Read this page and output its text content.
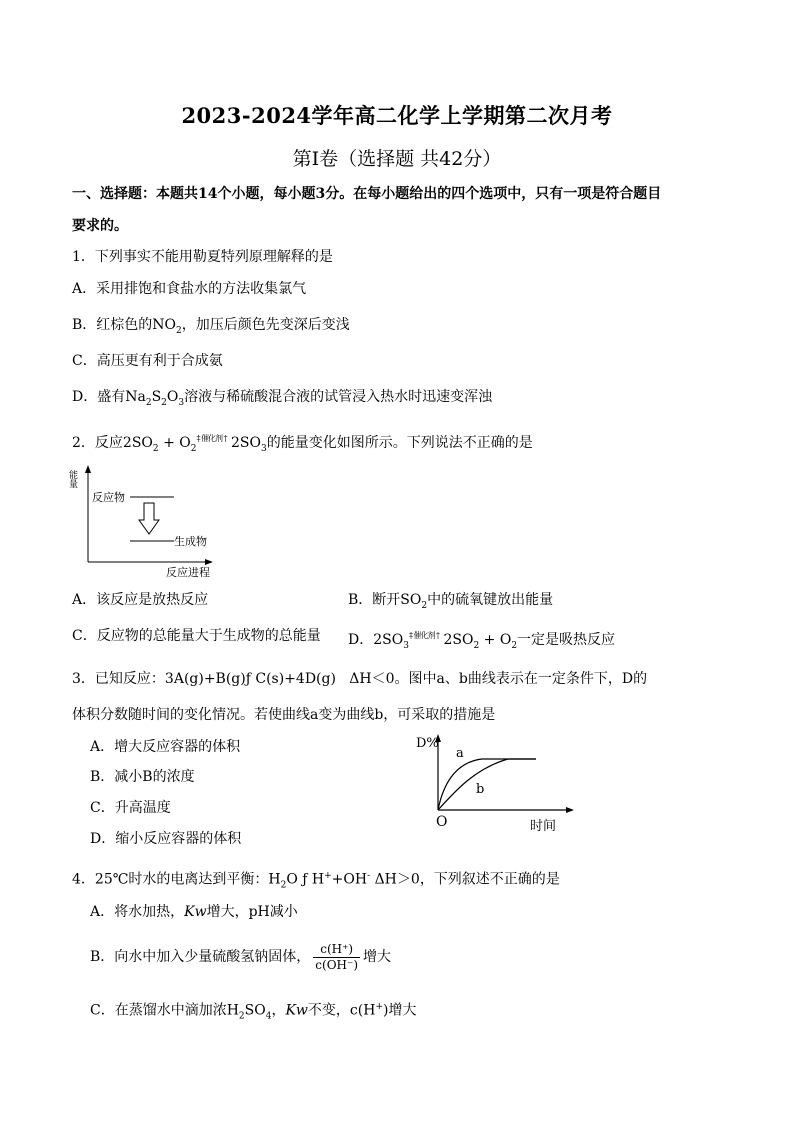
2023-2024学年高二化学上学期第二次月考
第I卷（选择题 共42分）
一、选择题：本题共14个小题，每小题3分。在每小题给出的四个选项中，只有一项是符合题目
要求的。
1．下列事实不能用勒夏特列原理解释的是
A．采用排饱和食盐水的方法收集氯气
B．红棕色的$NO_2$，加压后颜色先变深后变浅
C．高压更有利于合成氨
D．盛有$Na_2S_2O_3$溶液与稀硫酸混合液的试管浸入热水时迅速变浑浊
2．反应$2SO_2$ + $O_2\ddagger$ 催化剂 † $2SO_3$的能量变化如图所示。下列说法不正确的是
能量
反应进程
反应物
生成物
A．该反应是放热反应	B．断开$SO_2$中的硫氧键放出能量
C．反应物的总能量大于生成物的总能量 D．$2SO_3\ddagger$ 催化剂 † $2SO_2 + O_2$一定是吸热反应
3．已知反应：3A(g)+B(g)ƒ C(s)+4D(g) ΔH＜0。图中a、b曲线表示在一定条件下，D的
体积分数随时间的变化情况。若使曲线a变为曲线b，可采取的措施是
A．增大反应容器的体积
B．减小B的浓度
C．升高温度
D．缩小反应容器的体积
D%
O	时间
a
b
4．25℃时水的电离达到平衡：$H_2O$ ƒ H++OH- ΔH＞0，下列叙述不正确的是
A．将水加热，Kw增大，pH减小
B．向水中加入少量硫酸氢钠固体， $\frac{c(H^+)}{c(OH^-)}$ 增大
C．在蒸馏水中滴加浓$H_2SO_4$，Kw不变，c(H+)增大
